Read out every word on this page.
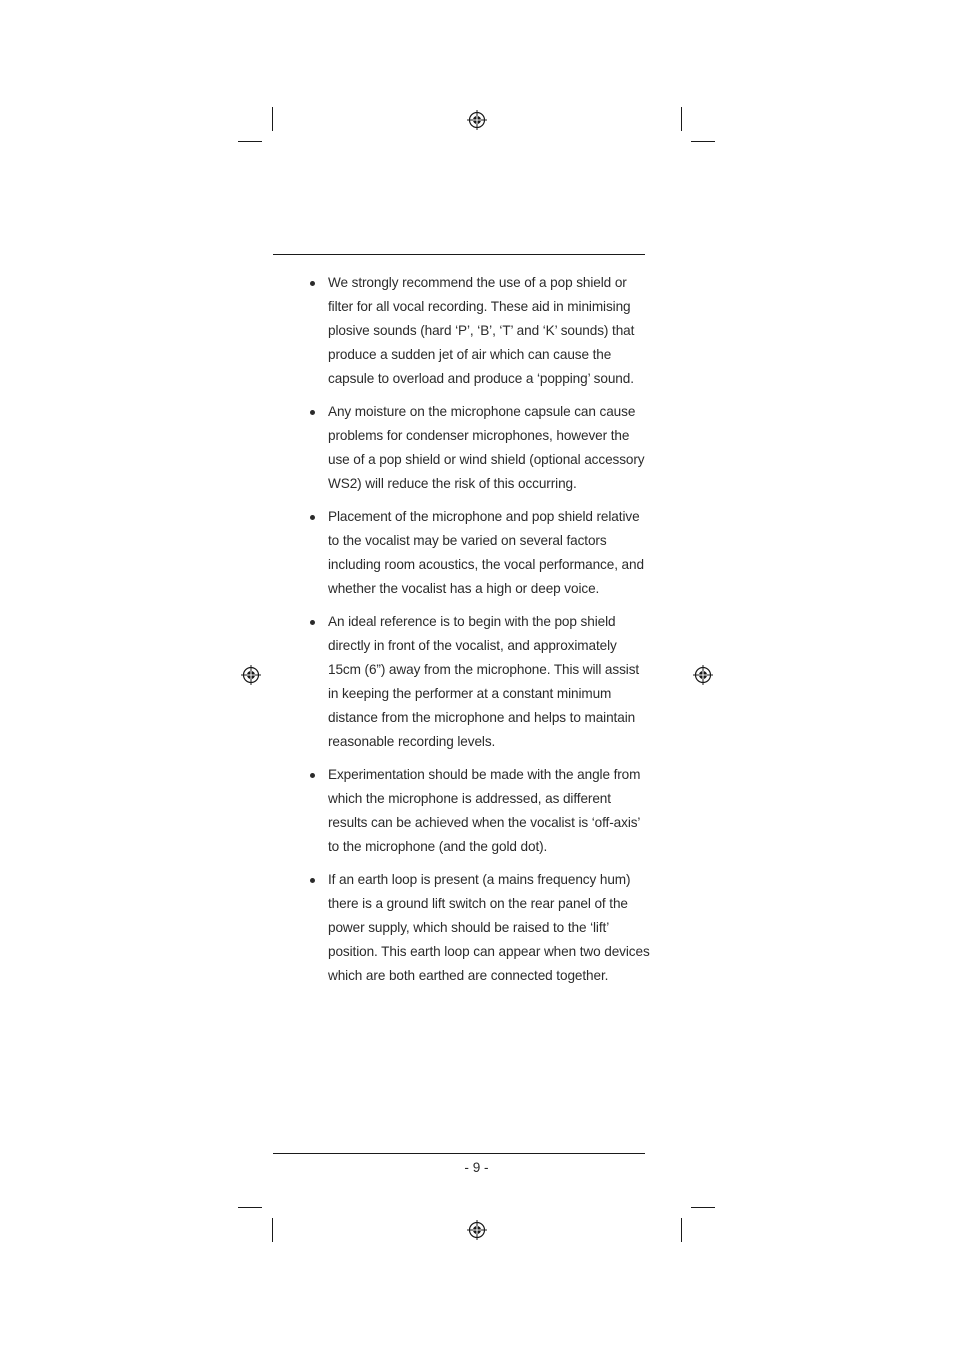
We strongly recommend the use of a pop shield or filter for all vocal recording. These aid in minimising plosive sounds (hard ‘P’, ‘B’, ‘T’ and ‘K’ sounds) that produce a sudden jet of air which can cause the capsule to overload and produce a ‘popping’ sound.
Any moisture on the microphone capsule can cause problems for condenser microphones, however the use of a pop shield or wind shield (optional accessory WS2) will reduce the risk of this occurring.
Placement of the microphone and pop shield relative to the vocalist may be varied on several factors including room acoustics, the vocal performance, and whether the vocalist has a high or deep voice.
An ideal reference is to begin with the pop shield directly in front of the vocalist, and approximately 15cm (6”) away from the microphone. This will assist in keeping the performer at a constant minimum distance from the microphone and helps to maintain reasonable recording levels.
Experimentation should be made with the angle from which the microphone is addressed, as different results can be achieved when the vocalist is ‘off-axis’ to the microphone (and the gold dot).
If an earth loop is present (a mains frequency hum) there is a ground lift switch on the rear panel of the power supply, which should be raised to the ‘lift’ position. This earth loop can appear when two devices which are both earthed are connected together.
- 9 -
